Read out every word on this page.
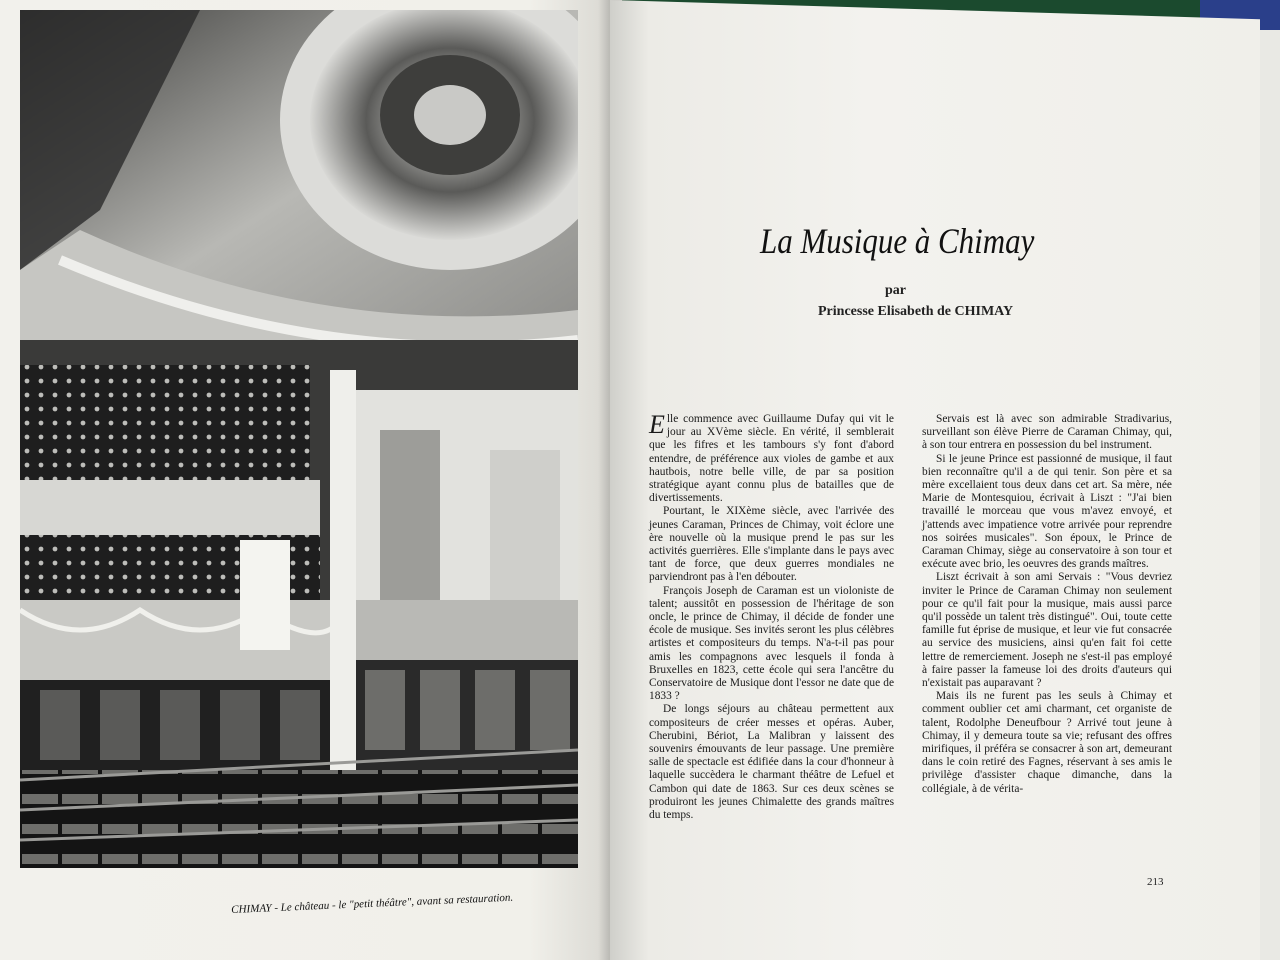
CHIMAY - Le château - le "petit théâtre", avant sa restauration.
La Musique à Chimay
par
Princesse Elisabeth de CHIMAY

Elle commence avec Guillaume Dufay qui vit le jour au XVème siècle. En vérité, il semblerait que les fifres et les tambours s'y font d'abord entendre, de préférence aux violes de gambe et aux hautbois, notre belle ville, de par sa position stratégique ayant connu plus de batailles que de divertissements.

Pourtant, le XIXème siècle, avec l'arrivée des jeunes Caraman, Princes de Chimay, voit éclore une ère nouvelle où la musique prend le pas sur les activités guerrières. Elle s'implante dans le pays avec tant de force, que deux guerres mondiales ne parviendront pas à l'en débouter.

François Joseph de Caraman est un violoniste de talent; aussitôt en possession de l'héritage de son oncle, le prince de Chimay, il décide de fonder une école de musique. Ses invités seront les plus célèbres artistes et compositeurs du temps. N'a-t-il pas pour amis les compagnons avec lesquels il fonda à Bruxelles en 1823, cette école qui sera l'ancêtre du Conservatoire de Musique dont l'essor ne date que de 1833 ?

De longs séjours au château permettent aux compositeurs de créer messes et opéras. Auber, Cherubini, Bériot, La Malibran y laissent des souvenirs émouvants de leur passage. Une première salle de spectacle est édifiée dans la cour d'honneur à laquelle succèdera le charmant théâtre de Lefuel et Cambon qui date de 1863. Sur ces deux scènes se produiront les jeunes Chimalette des grands maîtres du temps.

Servais est là avec son admirable Stradivarius, surveillant son élève Pierre de Caraman Chimay, qui, à son tour entrera en possession du bel instrument.

Si le jeune Prince est passionné de musique, il faut bien reconnaître qu'il a de qui tenir. Son père et sa mère excellaient tous deux dans cet art. Sa mère, née Marie de Montesquiou, écrivait à Liszt : "J'ai bien travaillé le morceau que vous m'avez envoyé, et j'attends avec impatience votre arrivée pour reprendre nos soirées musicales". Son époux, le Prince de Caraman Chimay, siège au conservatoire à son tour et exécute avec brio, les oeuvres des grands maîtres.

Liszt écrivait à son ami Servais : "Vous devriez inviter le Prince de Caraman Chimay non seulement pour ce qu'il fait pour la musique, mais aussi parce qu'il possède un talent très distingué". Oui, toute cette famille fut éprise de musique, et leur vie fut consacrée au service des musiciens, ainsi qu'en fait foi cette lettre de remerciement. Joseph ne s'est-il pas employé à faire passer la fameuse loi des droits d'auteurs qui n'existait pas auparavant ?

Mais ils ne furent pas les seuls à Chimay et comment oublier cet ami charmant, cet organiste de talent, Rodolphe Deneufbour ? Arrivé tout jeune à Chimay, il y demeura toute sa vie; refusant des offres mirifiques, il préféra se consacrer à son art, demeurant dans le coin retiré des Fagnes, réservant à ses amis le privilège d'assister chaque dimanche, dans la collégiale, à de vérita-

213
